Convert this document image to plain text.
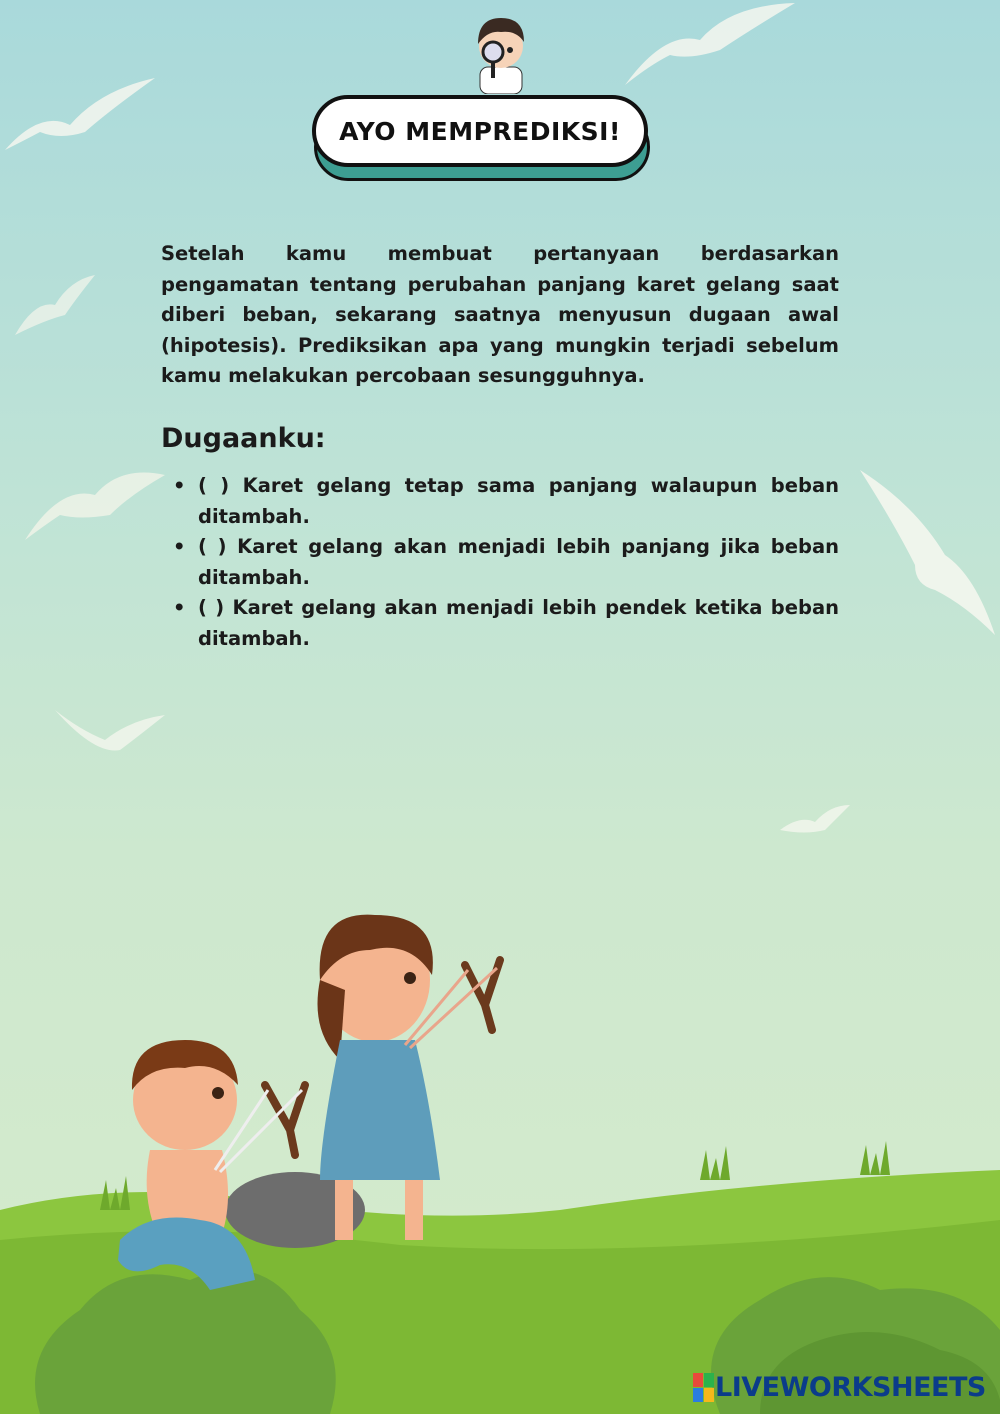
AYO MEMPREDIKSI!

Setelah kamu membuat pertanyaan berdasarkan pengamatan tentang perubahan panjang karet gelang saat diberi beban, sekarang saatnya menyusun dugaan awal (hipotesis). Prediksikan apa yang mungkin terjadi sebelum kamu melakukan percobaan sesungguhnya.

Dugaanku:
• ( ) Karet gelang tetap sama panjang walaupun beban ditambah.
• ( ) Karet gelang akan menjadi lebih panjang jika beban ditambah.
• ( ) Karet gelang akan menjadi lebih pendek ketika beban ditambah.
LIVEWORKSHEETS
